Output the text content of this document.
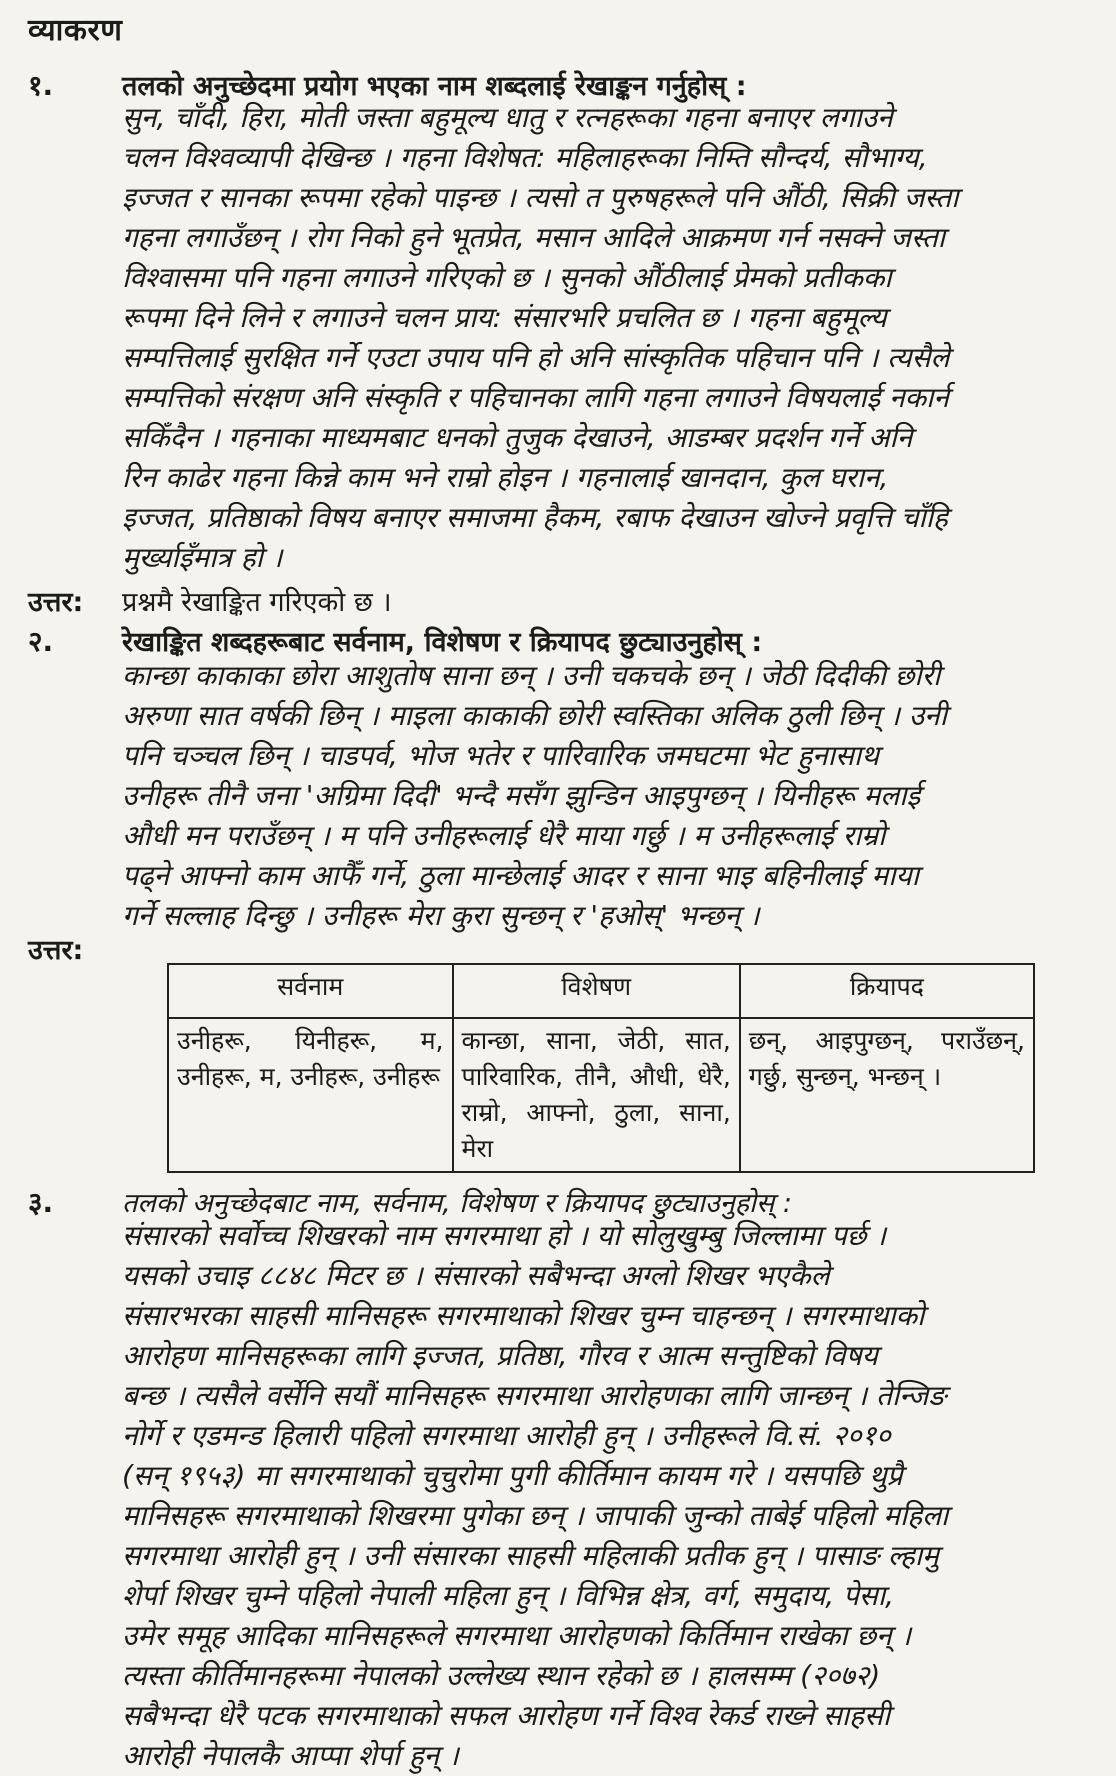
व्याकरण
१.	तलको अनुच्छेदमा प्रयोग भएका नाम शब्दलाई रेखाङ्कन गर्नुहोस् :
सुन, चाँदी, हिरा, मोती जस्ता बहुमूल्य धातु र रत्नहरूका गहना बनाएर लगाउने
चलन विश्वव्यापी देखिन्छ । गहना विशेषत: महिलाहरूका निम्ति सौन्दर्य, सौभाग्य,
इज्जत र सानका रूपमा रहेको पाइन्छ । त्यसो त पुरुषहरूले पनि औंठी, सिक्री जस्ता
गहना लगाउँछन् । रोग निको हुने भूतप्रेत, मसान आदिले आक्रमण गर्न नसक्ने जस्ता
विश्वासमा पनि गहना लगाउने गरिएको छ । सुनको औंठीलाई प्रेमको प्रतीकका
रूपमा दिने लिने र लगाउने चलन प्राय: संसारभरि प्रचलित छ । गहना बहुमूल्य
सम्पत्तिलाई सुरक्षित गर्ने एउटा उपाय पनि हो अनि सांस्कृतिक पहिचान पनि । त्यसैले
सम्पत्तिको संरक्षण अनि संस्कृति र पहिचानका लागि गहना लगाउने विषयलाई नकार्न
सकिँदैन । गहनाका माध्यमबाट धनको तुजुक देखाउने, आडम्बर प्रदर्शन गर्ने अनि
रिन काढेर गहना किन्ने काम भने राम्रो होइन । गहनालाई खानदान, कुल घरान,
इज्जत, प्रतिष्ठाको विषय बनाएर समाजमा हैकम, रबाफ देखाउन खोज्ने प्रवृत्ति चाँहि
मुर्ख्याइँमात्र हो ।
उत्तर: प्रश्नमै रेखाङ्कित गरिएको छ ।
२.	रेखाङ्कित शब्दहरूबाट सर्वनाम, विशेषण र क्रियापद छुट्याउनुहोस् :
कान्छा काकाका छोरा आशुतोष साना छन् । उनी चकचके छन् । जेठी दिदीकी छोरी
अरुणा सात वर्षकी छिन् । माइला काकाकी छोरी स्वस्तिका अलिक ठुली छिन् । उनी
पनि चञ्चल छिन् । चाडपर्व, भोज भतेर र पारिवारिक जमघटमा भेट हुनासाथ
उनीहरू तीनै जना 'अग्रिमा दिदी' भन्दै मसँग झुन्डिन आइपुग्छन् । यिनीहरू मलाई
औधी मन पराउँछन् । म पनि उनीहरूलाई धेरै माया गर्छु । म उनीहरूलाई राम्रो
पढ्ने आफ्नो काम आफैँ गर्ने, ठुला मान्छेलाई आदर र साना भाइ बहिनीलाई माया
गर्ने सल्लाह दिन्छु । उनीहरू मेरा कुरा सुन्छन् र 'हओस्' भन्छन् ।
उत्तर:
सर्वनाम	विशेषण	क्रियापद
उनीहरू, यिनीहरू, म, उनीहरू, म, उनीहरू, उनीहरू	कान्छा, साना, जेठी, सात, पारिवारिक, तीनै, औधी, धेरै, राम्रो, आफ्नो, ठुला, साना, मेरा	छन्, आइपुग्छन्, पराउँछन्, गर्छु, सुन्छन्, भन्छन् ।
३.	तलको अनुच्छेदबाट नाम, सर्वनाम, विशेषण र क्रियापद छुट्याउनुहोस् :
संसारको सर्वोच्च शिखरको नाम सगरमाथा हो । यो सोलुखुम्बु जिल्लामा पर्छ ।
यसको उचाइ ८८४८ मिटर छ । संसारको सबैभन्दा अग्लो शिखर भएकैले
संसारभरका साहसी मानिसहरू सगरमाथाको शिखर चुम्न चाहन्छन् । सगरमाथाको
आरोहण मानिसहरूका लागि इज्जत, प्रतिष्ठा, गौरव र आत्म सन्तुष्टिको विषय
बन्छ । त्यसैले वर्सेनि सयौं मानिसहरू सगरमाथा आरोहणका लागि जान्छन् । तेन्जिङ
नोर्गे र एडमन्ड हिलारी पहिलो सगरमाथा आरोही हुन् । उनीहरूले वि.सं. २०१०
(सन् १९५३) मा सगरमाथाको चुचुरोमा पुगी कीर्तिमान कायम गरे । यसपछि थुप्रै
मानिसहरू सगरमाथाको शिखरमा पुगेका छन् । जापाकी जुन्को ताबेई पहिलो महिला
सगरमाथा आरोही हुन् । उनी संसारका साहसी महिलाकी प्रतीक हुन् । पासाङ ल्हामु
शेर्पा शिखर चुम्ने पहिलो नेपाली महिला हुन् । विभिन्न क्षेत्र, वर्ग, समुदाय, पेसा,
उमेर समूह आदिका मानिसहरूले सगरमाथा आरोहणको किर्तिमान राखेका छन् ।
त्यस्ता कीर्तिमानहरूमा नेपालको उल्लेख्य स्थान रहेको छ । हालसम्म (२०७२)
सबैभन्दा धेरै पटक सगरमाथाको सफल आरोहण गर्ने विश्व रेकर्ड राख्ने साहसी
आरोही नेपालकै आप्पा शेर्पा हुन् ।
